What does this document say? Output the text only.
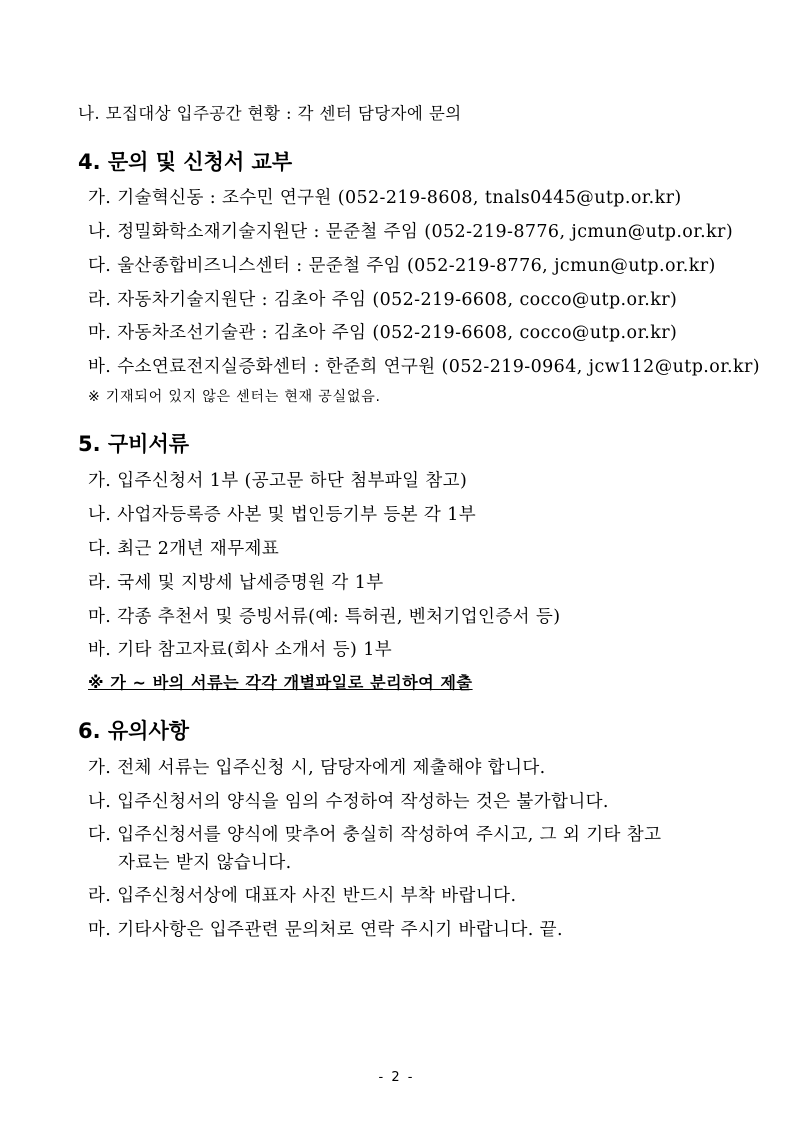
나. 모집대상 입주공간 현황 : 각 센터 담당자에 문의
4. 문의 및 신청서 교부
가. 기술혁신동 : 조수민 연구원 (052-219-8608, tnals0445@utp.or.kr)
나. 정밀화학소재기술지원단 : 문준철 주임 (052-219-8776, jcmun@utp.or.kr)
다. 울산종합비즈니스센터 : 문준철 주임 (052-219-8776, jcmun@utp.or.kr)
라. 자동차기술지원단 : 김초아 주임 (052-219-6608, cocco@utp.or.kr)
마. 자동차조선기술관 : 김초아 주임 (052-219-6608, cocco@utp.or.kr)
바. 수소연료전지실증화센터 : 한준희 연구원 (052-219-0964, jcw112@utp.or.kr)
※ 기재되어 있지 않은 센터는 현재 공실없음.
5. 구비서류
가. 입주신청서 1부 (공고문 하단 첨부파일 참고)
나. 사업자등록증 사본 및 법인등기부 등본 각 1부
다. 최근 2개년 재무제표
라. 국세 및 지방세 납세증명원 각 1부
마. 각종 추천서 및 증빙서류(예: 특허권, 벤처기업인증서 등)
바. 기타 참고자료(회사 소개서 등) 1부
※ 가 ~ 바의 서류는 각각 개별파일로 분리하여 제출
6. 유의사항
가. 전체 서류는 입주신청 시, 담당자에게 제출해야 합니다.
나. 입주신청서의 양식을 임의 수정하여 작성하는 것은 불가합니다.
다. 입주신청서를 양식에 맞추어 충실히 작성하여 주시고, 그 외 기타 참고
자료는 받지 않습니다.
라. 입주신청서상에 대표자 사진 반드시 부착 바랍니다.
마. 기타사항은 입주관련 문의처로 연락 주시기 바랍니다. 끝.
- 2 -
